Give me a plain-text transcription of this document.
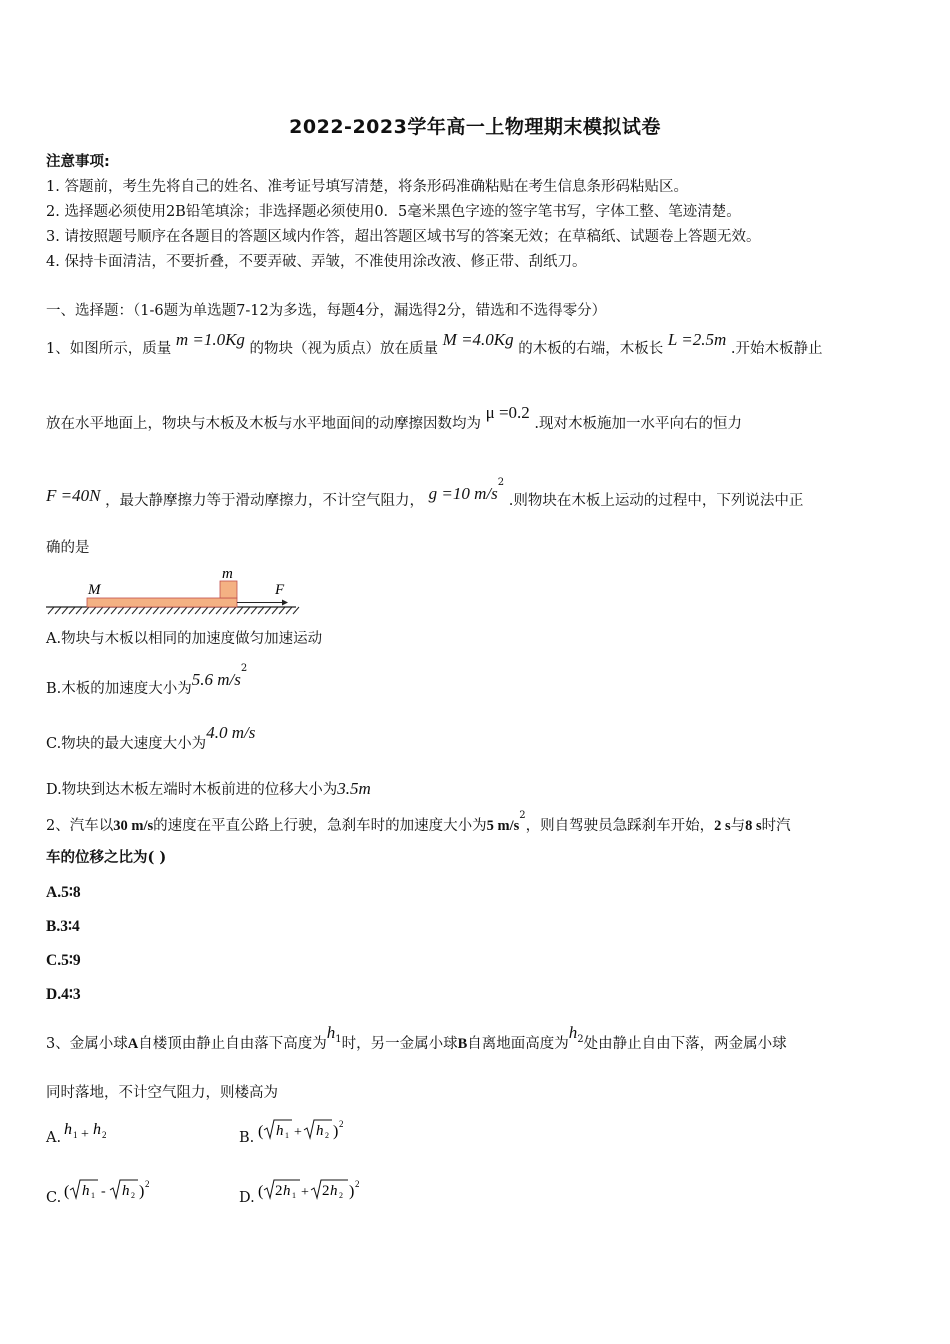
2022-2023学年高一上物理期末模拟试卷
注意事项:
1. 答题前，考生先将自己的姓名、准考证号填写清楚，将条形码准确粘贴在考生信息条形码粘贴区。
2. 选择题必须使用2B铅笔填涂；非选择题必须使用0．5毫米黑色字迹的签字笔书写，字体工整、笔迹清楚。
3. 请按照题号顺序在各题目的答题区域内作答，超出答题区域书写的答案无效；在草稿纸、试题卷上答题无效。
4. 保持卡面清洁，不要折叠，不要弄破、弄皱，不准使用涂改液、修正带、刮纸刀。
一、选择题：（1-6题为单选题7-12为多选，每题4分，漏选得2分，错选和不选得零分）
1、如图所示，质量 m =1.0Kg 的物块（视为质点）放在质量 M =4.0Kg 的木板的右端，木板长 L =2.5m .开始木板静止
放在水平地面上，物块与木板及木板与水平地面间的动摩擦因数均为 μ =0.2 .现对木板施加一水平向右的恒力
F =40N ，最大静摩擦力等于滑动摩擦力，不计空气阻力， g =10 $m/s^2$ .则物块在木板上运动的过程中，下列说法中正
确的是
M
m
F
A.物块与木板以相同的加速度做匀加速运动
B.木板的加速度大小为5.6 $m/s^2$
C.物块的最大速度大小为4.0 m/s
D.物块到达木板左端时木板前进的位移大小为3.5m
2、汽车以30 m/s的速度在平直公路上行驶，急刹车时的加速度大小为5 $m/s^2$，则自驾驶员急踩刹车开始，2 s与8 s时汽
车的位移之比为( )
A.5∶8
B.3∶4
C.5∶9
D.4∶3
3、金属小球A自楼顶由静止自由落下高度为$h^1$时，另一金属小球B自离地面高度为$h^2$处由静止自由下落，两金属小球
同时落地，不计空气阻力，则楼高为
A. h 1 + h 2	B. ( h 1 + h 2 ) 2
C. ( h 1 - h 2 ) 2
D. ( 2 h 1 + 2 h 2 ) 2
